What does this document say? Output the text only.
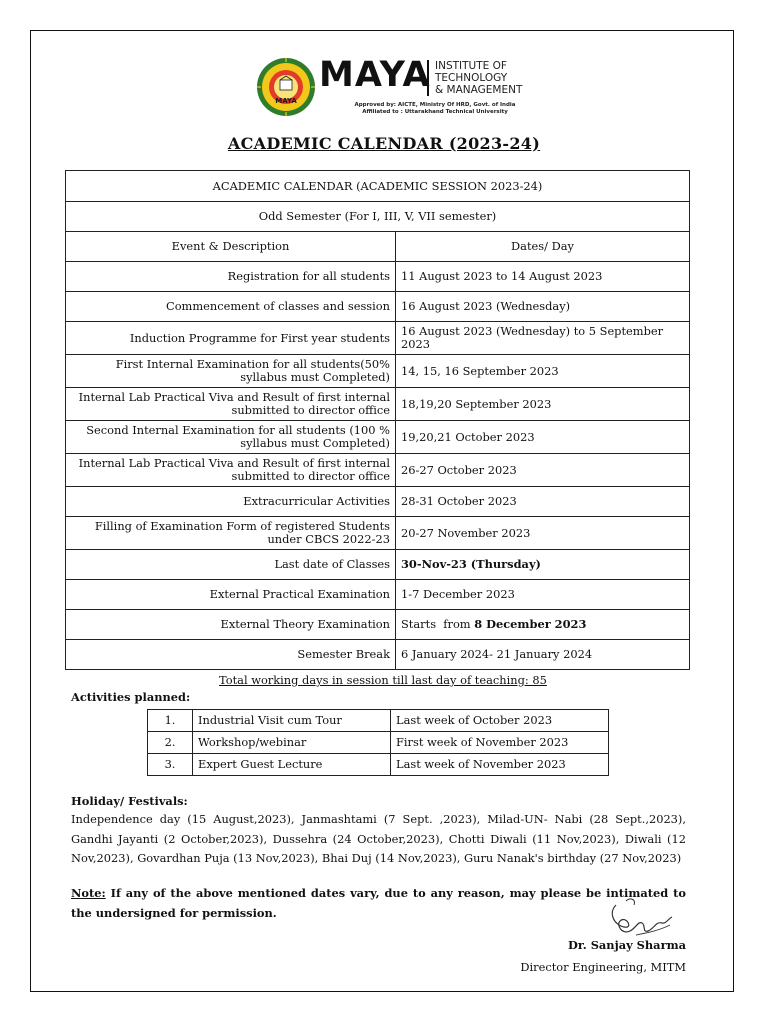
MAYA
MAYA INSTITUTE OF
TECHNOLOGY
& MANAGEMENT
Approved by: AICTE, Ministry Of HRD, Govt. of India
Affiliated to : Uttarakhand Technical University
ACADEMIC CALENDAR (2023-24)
ACADEMIC CALENDAR (ACADEMIC SESSION 2023-24)	
Odd Semester (For I, III, V, VII semester)	
Event & Description	Dates/ Day
Registration for all students	11 August 2023 to 14 August 2023
Commencement of classes and session	16 August 2023 (Wednesday)
Induction Programme for First year students	16 August 2023 (Wednesday) to 5 September 2023
First Internal Examination for all students(50% syllabus must Completed)	14, 15, 16 September 2023
Internal Lab Practical Viva and Result of first internal submitted to director office	18,19,20 September 2023
Second Internal Examination for all students (100 % syllabus must Completed)	19,20,21 October 2023
Internal Lab Practical Viva and Result of first internal submitted to director office	26-27 October 2023
Extracurricular Activities	28-31 October 2023
Filling of Examination Form of registered Students under CBCS 2022-23	20-27 November 2023
Last date of Classes	30-Nov-23 (Thursday)
External Practical Examination	1-7 December 2023
External Theory Examination	Starts  from 8 December 2023
Semester Break	6 January 2024- 21 January 2024
Total working days in session till last day of teaching: 85
Activities planned:
1.	Industrial Visit cum Tour	Last week of October 2023
2.	Workshop/webinar	First week of November 2023
3.	Expert Guest Lecture	Last week of November 2023
Holiday/ Festivals:
Independence day (15 August,2023), Janmashtami (7 Sept. ,2023), Milad-UN- Nabi (28 Sept.,2023), Gandhi Jayanti (2 October,2023), Dussehra (24 October,2023), Chotti Diwali (11 Nov,2023), Diwali (12 Nov,2023), Govardhan Puja (13 Nov,2023), Bhai Duj (14 Nov,2023), Guru Nanak's birthday (27 Nov,2023)
Note: If any of the above mentioned dates vary, due to any reason, may please be intimated to the undersigned for permission.
Dr. Sanjay Sharma
Director Engineering, MITM
